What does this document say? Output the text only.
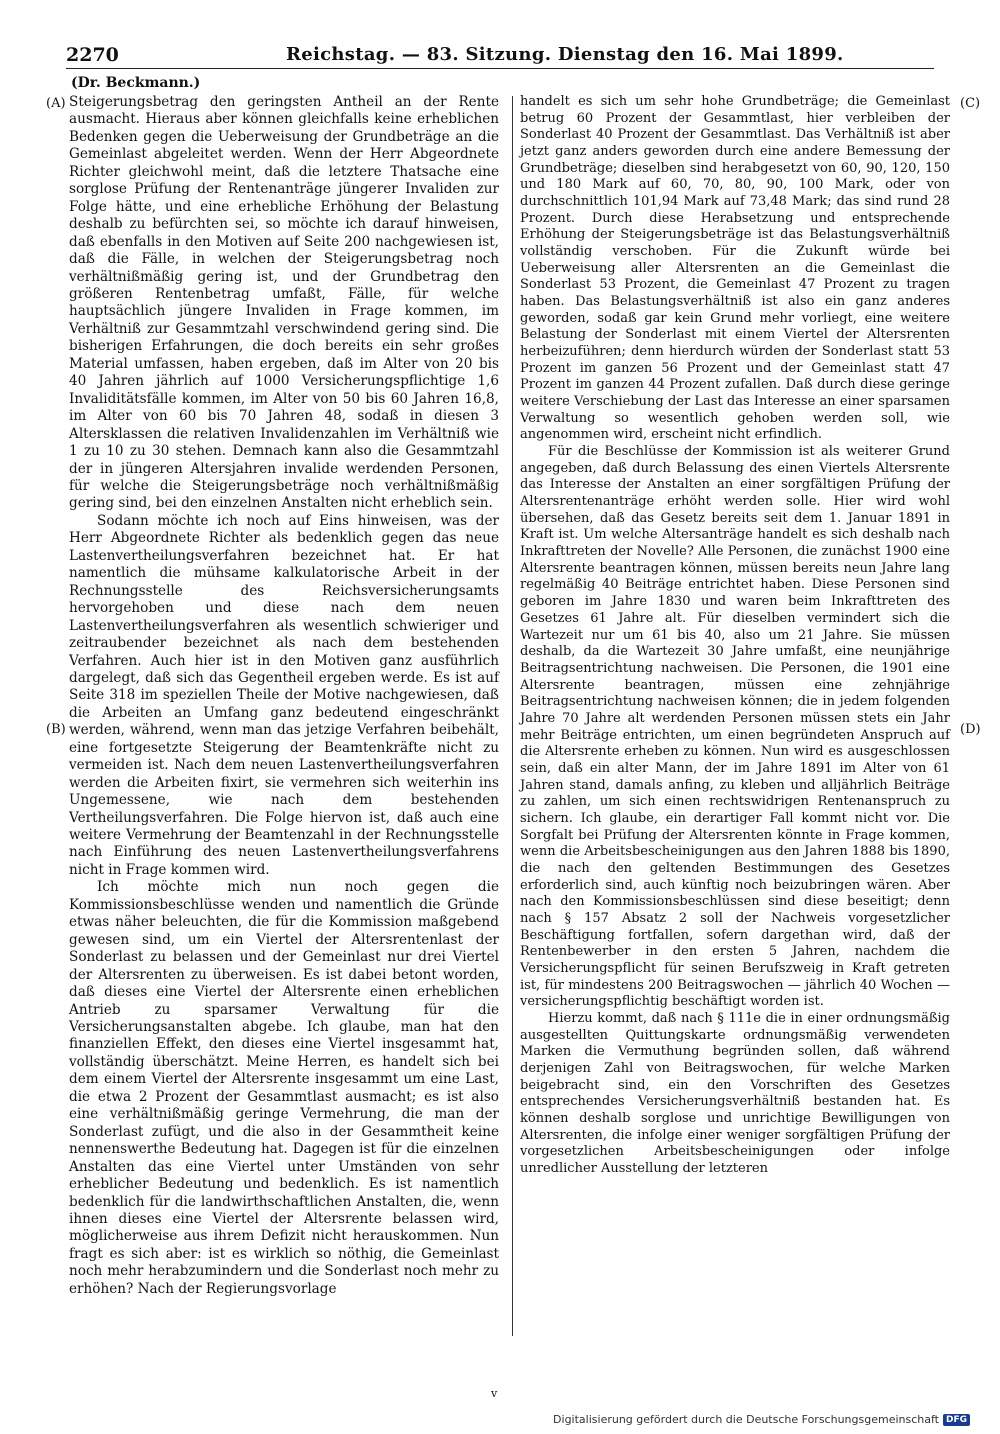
2270	Reichstag. — 83. Sitzung. Dienstag den 16. Mai 1899.
(Dr. Beckmann.)
(A)
(B)
(C)
(D)

Steigerungsbetrag den geringsten Antheil an der Rente ausmacht. Hieraus aber können gleichfalls keine erheblichen Bedenken gegen die Ueberweisung der Grundbeträge an die Gemeinlast abgeleitet werden. Wenn der Herr Abgeordnete Richter gleichwohl meint, daß die letztere Thatsache eine sorglose Prüfung der Rentenanträge jüngerer Invaliden zur Folge hätte, und eine erhebliche Erhöhung der Belastung deshalb zu befürchten sei, so möchte ich darauf hinweisen, daß ebenfalls in den Motiven auf Seite 200 nachgewiesen ist, daß die Fälle, in welchen der Steigerungsbetrag noch verhältnißmäßig gering ist, und der Grundbetrag den größeren Rentenbetrag umfaßt, Fälle, für welche hauptsächlich jüngere Invaliden in Frage kommen, im Verhältniß zur Gesammtzahl verschwindend gering sind. Die bisherigen Erfahrungen, die doch bereits ein sehr großes Material umfassen, haben ergeben, daß im Alter von 20 bis 40 Jahren jährlich auf 1000 Versicherungspflichtige 1,6 Invaliditätsfälle kommen, im Alter von 50 bis 60 Jahren 16,8, im Alter von 60 bis 70 Jahren 48, sodaß in diesen 3 Altersklassen die relativen Invalidenzahlen im Verhältniß wie 1 zu 10 zu 30 stehen. Demnach kann also die Gesammtzahl der in jüngeren Altersjahren invalide werdenden Personen, für welche die Steigerungsbeträge noch verhältnißmäßig gering sind, bei den einzelnen Anstalten nicht erheblich sein.

Sodann möchte ich noch auf Eins hinweisen, was der Herr Abgeordnete Richter als bedenklich gegen das neue Lastenvertheilungsverfahren bezeichnet hat. Er hat namentlich die mühsame kalkulatorische Arbeit in der Rechnungsstelle des Reichsversicherungsamts hervorgehoben und diese nach dem neuen Lastenvertheilungsverfahren als wesentlich schwieriger und zeitraubender bezeichnet als nach dem bestehenden Verfahren. Auch hier ist in den Motiven ganz ausführlich dargelegt, daß sich das Gegentheil ergeben werde. Es ist auf Seite 318 im speziellen Theile der Motive nachgewiesen, daß die Arbeiten an Umfang ganz bedeutend eingeschränkt werden, während, wenn man das jetzige Verfahren beibehält, eine fortgesetzte Steigerung der Beamtenkräfte nicht zu vermeiden ist. Nach dem neuen Lastenvertheilungsverfahren werden die Arbeiten fixirt, sie vermehren sich weiterhin ins Ungemessene, wie nach dem bestehenden Vertheilungsverfahren. Die Folge hiervon ist, daß auch eine weitere Vermehrung der Beamtenzahl in der Rechnungsstelle nach Einführung des neuen Lastenvertheilungsverfahrens nicht in Frage kommen wird.

Ich möchte mich nun noch gegen die Kommissionsbeschlüsse wenden und namentlich die Gründe etwas näher beleuchten, die für die Kommission maßgebend gewesen sind, um ein Viertel der Altersrentenlast der Sonderlast zu belassen und der Gemeinlast nur drei Viertel der Altersrenten zu überweisen. Es ist dabei betont worden, daß dieses eine Viertel der Altersrente einen erheblichen Antrieb zu sparsamer Verwaltung für die Versicherungsanstalten abgebe. Ich glaube, man hat den finanziellen Effekt, den dieses eine Viertel insgesammt hat, vollständig überschätzt. Meine Herren, es handelt sich bei dem einem Viertel der Altersrente insgesammt um eine Last, die etwa 2 Prozent der Gesammtlast ausmacht; es ist also eine verhältnißmäßig geringe Vermehrung, die man der Sonderlast zufügt, und die also in der Gesammtheit keine nennenswerthe Bedeutung hat. Dagegen ist für die einzelnen Anstalten das eine Viertel unter Umständen von sehr erheblicher Bedeutung und bedenklich. Es ist namentlich bedenklich für die landwirthschaftlichen Anstalten, die, wenn ihnen dieses eine Viertel der Altersrente belassen wird, möglicherweise aus ihrem Defizit nicht herauskommen. Nun fragt es sich aber: ist es wirklich so nöthig, die Gemeinlast noch mehr herabzumindern und die Sonderlast noch mehr zu erhöhen? Nach der Regierungsvorlage

handelt es sich um sehr hohe Grundbeträge; die Gemeinlast betrug 60 Prozent der Gesammtlast, hier verbleiben der Sonderlast 40 Prozent der Gesammtlast. Das Verhältniß ist aber jetzt ganz anders geworden durch eine andere Bemessung der Grundbeträge; dieselben sind herabgesetzt von 60, 90, 120, 150 und 180 Mark auf 60, 70, 80, 90, 100 Mark, oder von durchschnittlich 101,94 Mark auf 73,48 Mark; das sind rund 28 Prozent. Durch diese Herabsetzung und entsprechende Erhöhung der Steigerungsbeträge ist das Belastungsverhältniß vollständig verschoben. Für die Zukunft würde bei Ueberweisung aller Altersrenten an die Gemeinlast die Sonderlast 53 Prozent, die Gemeinlast 47 Prozent zu tragen haben. Das Belastungsverhältniß ist also ein ganz anderes geworden, sodaß gar kein Grund mehr vorliegt, eine weitere Belastung der Sonderlast mit einem Viertel der Altersrenten herbeizuführen; denn hierdurch würden der Sonderlast statt 53 Prozent im ganzen 56 Prozent und der Gemeinlast statt 47 Prozent im ganzen 44 Prozent zufallen. Daß durch diese geringe weitere Verschiebung der Last das Interesse an einer sparsamen Verwaltung so wesentlich gehoben werden soll, wie angenommen wird, erscheint nicht erfindlich.

Für die Beschlüsse der Kommission ist als weiterer Grund angegeben, daß durch Belassung des einen Viertels Altersrente das Interesse der Anstalten an einer sorgfältigen Prüfung der Altersrentenanträge erhöht werden solle. Hier wird wohl übersehen, daß das Gesetz bereits seit dem 1. Januar 1891 in Kraft ist. Um welche Altersanträge handelt es sich deshalb nach Inkrafttreten der Novelle? Alle Personen, die zunächst 1900 eine Altersrente beantragen können, müssen bereits neun Jahre lang regelmäßig 40 Beiträge entrichtet haben. Diese Personen sind geboren im Jahre 1830 und waren beim Inkrafttreten des Gesetzes 61 Jahre alt. Für dieselben vermindert sich die Wartezeit nur um 61 bis 40, also um 21 Jahre. Sie müssen deshalb, da die Wartezeit 30 Jahre umfaßt, eine neunjährige Beitragsentrichtung nachweisen. Die Personen, die 1901 eine Altersrente beantragen, müssen eine zehnjährige Beitragsentrichtung nachweisen können; die in jedem folgenden Jahre 70 Jahre alt werdenden Personen müssen stets ein Jahr mehr Beiträge entrichten, um einen begründeten Anspruch auf die Altersrente erheben zu können. Nun wird es ausgeschlossen sein, daß ein alter Mann, der im Jahre 1891 im Alter von 61 Jahren stand, damals anfing, zu kleben und alljährlich Beiträge zu zahlen, um sich einen rechtswidrigen Rentenanspruch zu sichern. Ich glaube, ein derartiger Fall kommt nicht vor. Die Sorgfalt bei Prüfung der Altersrenten könnte in Frage kommen, wenn die Arbeitsbescheinigungen aus den Jahren 1888 bis 1890, die nach den geltenden Bestimmungen des Gesetzes erforderlich sind, auch künftig noch beizubringen wären. Aber nach den Kommissionsbeschlüssen sind diese beseitigt; denn nach § 157 Absatz 2 soll der Nachweis vorgesetzlicher Beschäftigung fortfallen, sofern dargethan wird, daß der Rentenbewerber in den ersten 5 Jahren, nachdem die Versicherungspflicht für seinen Berufszweig in Kraft getreten ist, für mindestens 200 Beitragswochen — jährlich 40 Wochen — versicherungspflichtig beschäftigt worden ist.

Hierzu kommt, daß nach § 111e die in einer ordnungsmäßig ausgestellten Quittungskarte ordnungsmäßig verwendeten Marken die Vermuthung begründen sollen, daß während derjenigen Zahl von Beitragswochen, für welche Marken beigebracht sind, ein den Vorschriften des Gesetzes entsprechendes Versicherungsverhältniß bestanden hat. Es können deshalb sorglose und unrichtige Bewilligungen von Altersrenten, die infolge einer weniger sorgfältigen Prüfung der vorgesetzlichen Arbeitsbescheinigungen oder infolge unredlicher Ausstellung der letzteren

v
Digitalisierung gefördert durch die Deutsche Forschungsgemeinschaft DFG
